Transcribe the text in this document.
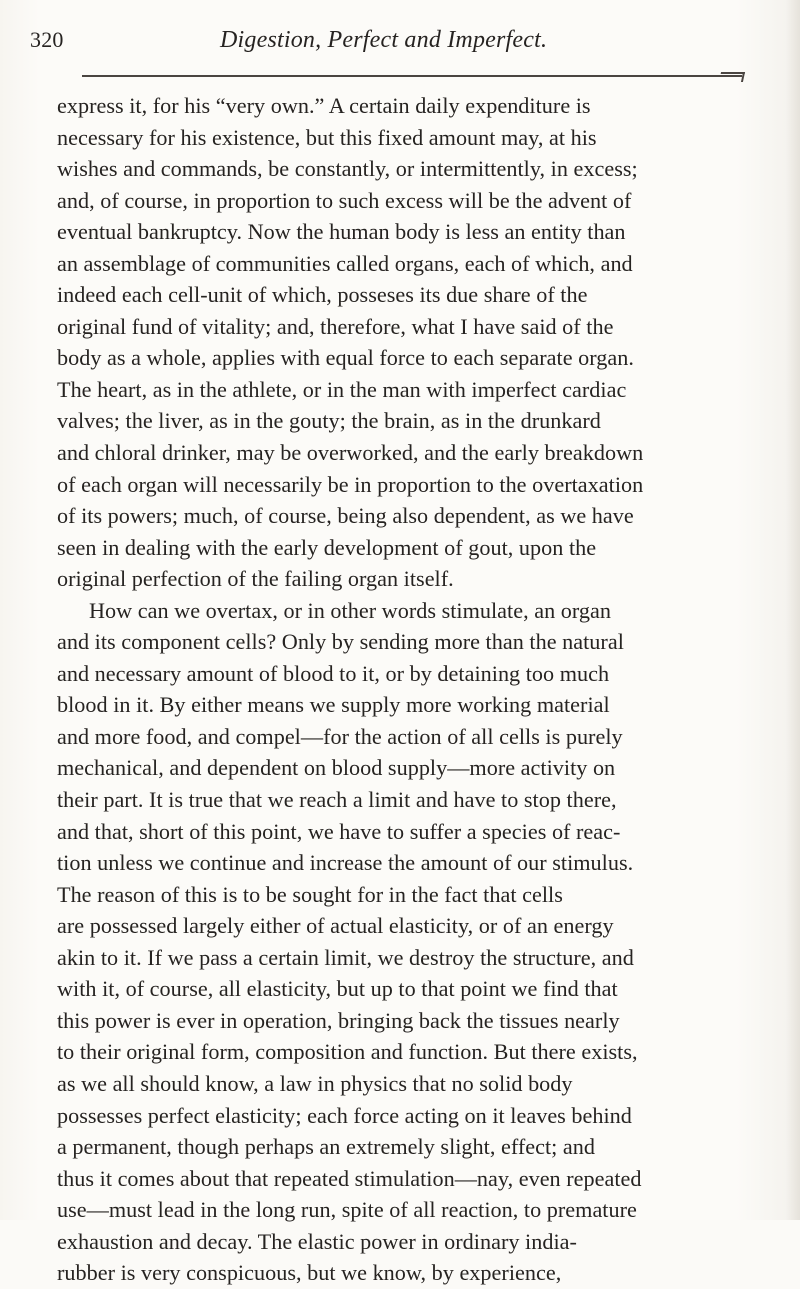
320	Digestion, Perfect and Imperfect.
express it, for his “very own.” A certain daily expenditure is
necessary for his existence, but this fixed amount may, at his
wishes and commands, be constantly, or intermittently, in excess;
and, of course, in proportion to such excess will be the advent of
eventual bankruptcy. Now the human body is less an entity than
an assemblage of communities called organs, each of which, and
indeed each cell-unit of which, posseses its due share of the
original fund of vitality; and, therefore, what I have said of the
body as a whole, applies with equal force to each separate organ.
The heart, as in the athlete, or in the man with imperfect cardiac
valves; the liver, as in the gouty; the brain, as in the drunkard
and chloral drinker, may be overworked, and the early breakdown
of each organ will necessarily be in proportion to the overtaxation
of its powers; much, of course, being also dependent, as we have
seen in dealing with the early development of gout, upon the
original perfection of the failing organ itself.
How can we overtax, or in other words stimulate, an organ
and its component cells? Only by sending more than the natural
and necessary amount of blood to it, or by detaining too much
blood in it. By either means we supply more working material
and more food, and compel—for the action of all cells is purely
mechanical, and dependent on blood supply—more activity on
their part. It is true that we reach a limit and have to stop there,
and that, short of this point, we have to suffer a species of reac-
tion unless we continue and increase the amount of our stimulus.
The reason of this is to be sought for in the fact that cells
are possessed largely either of actual elasticity, or of an energy
akin to it. If we pass a certain limit, we destroy the structure, and
with it, of course, all elasticity, but up to that point we find that
this power is ever in operation, bringing back the tissues nearly
to their original form, composition and function. But there exists,
as we all should know, a law in physics that no solid body
possesses perfect elasticity; each force acting on it leaves behind
a permanent, though perhaps an extremely slight, effect; and
thus it comes about that repeated stimulation—nay, even repeated
use—must lead in the long run, spite of all reaction, to premature
exhaustion and decay. The elastic power in ordinary india-
rubber is very conspicuous, but we know, by experience,
